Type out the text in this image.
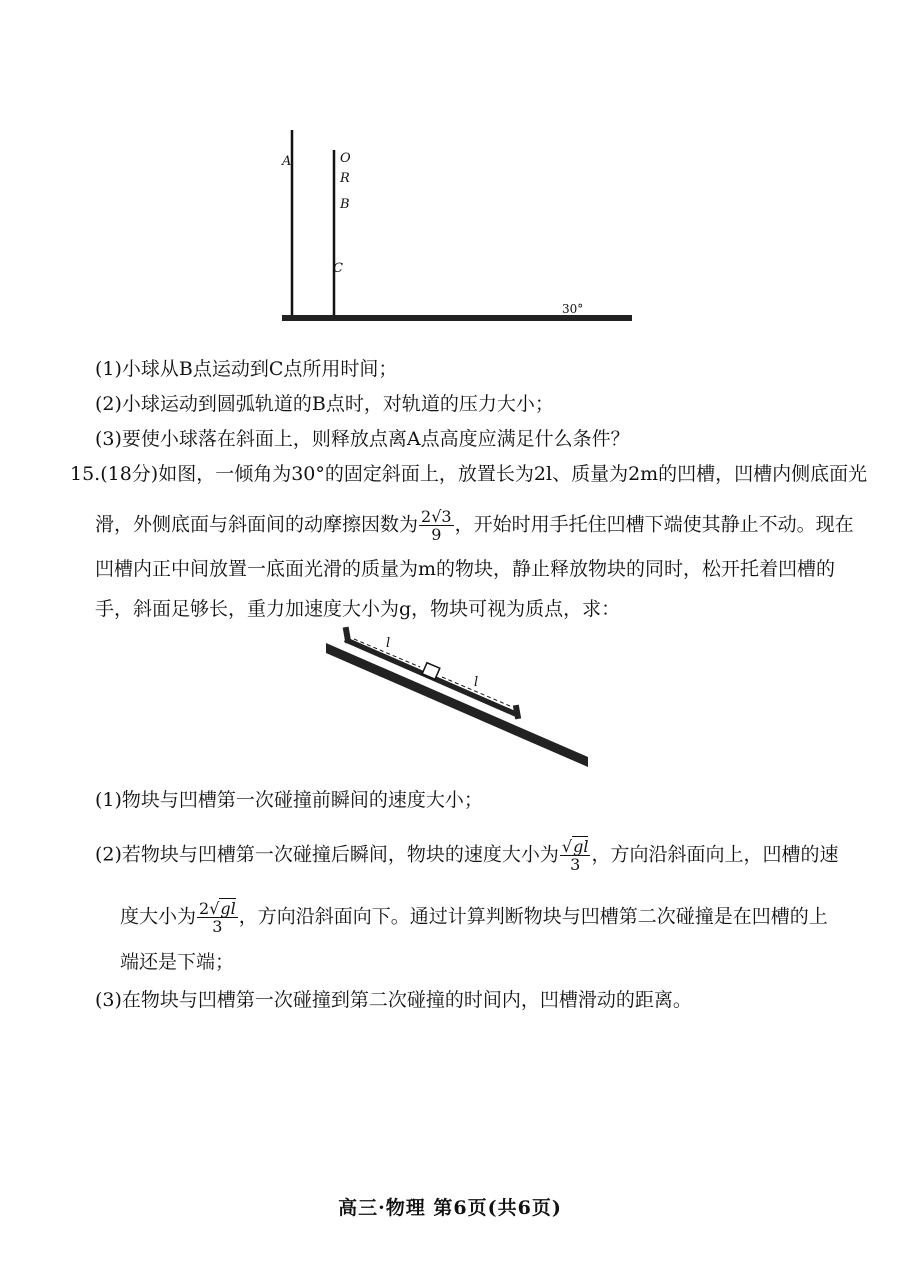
A	O
R
B
C
30°
(1)小球从B点运动到C点所用时间；
(2)小球运动到圆弧轨道的B点时，对轨道的压力大小；
(3)要使小球落在斜面上，则释放点离A点高度应满足什么条件？
15.(18分)如图，一倾角为30°的固定斜面上，放置长为2l、质量为2m的凹槽，凹槽内侧底面光
滑，外侧底面与斜面间的动摩擦因数为 $\frac{2√3}{9}$ ，开始时用手托住凹槽下端使其静止不动。现在
凹槽内正中间放置一底面光滑的质量为m的物块，静止释放物块的同时，松开托着凹槽的
手，斜面足够长，重力加速度大小为g，物块可视为质点，求：
l
l
(1)物块与凹槽第一次碰撞前瞬间的速度大小；
(2)若物块与凹槽第一次碰撞后瞬间，物块的速度大小为 $\frac{√gl}{3}$ ，方向沿斜面向上，凹槽的速
度大小为 $\frac{2√gl}{3}$ ，方向沿斜面向下。通过计算判断物块与凹槽第二次碰撞是在凹槽的上
端还是下端；
(3)在物块与凹槽第一次碰撞到第二次碰撞的时间内，凹槽滑动的距离。
高三·物理 第6页(共6页)
